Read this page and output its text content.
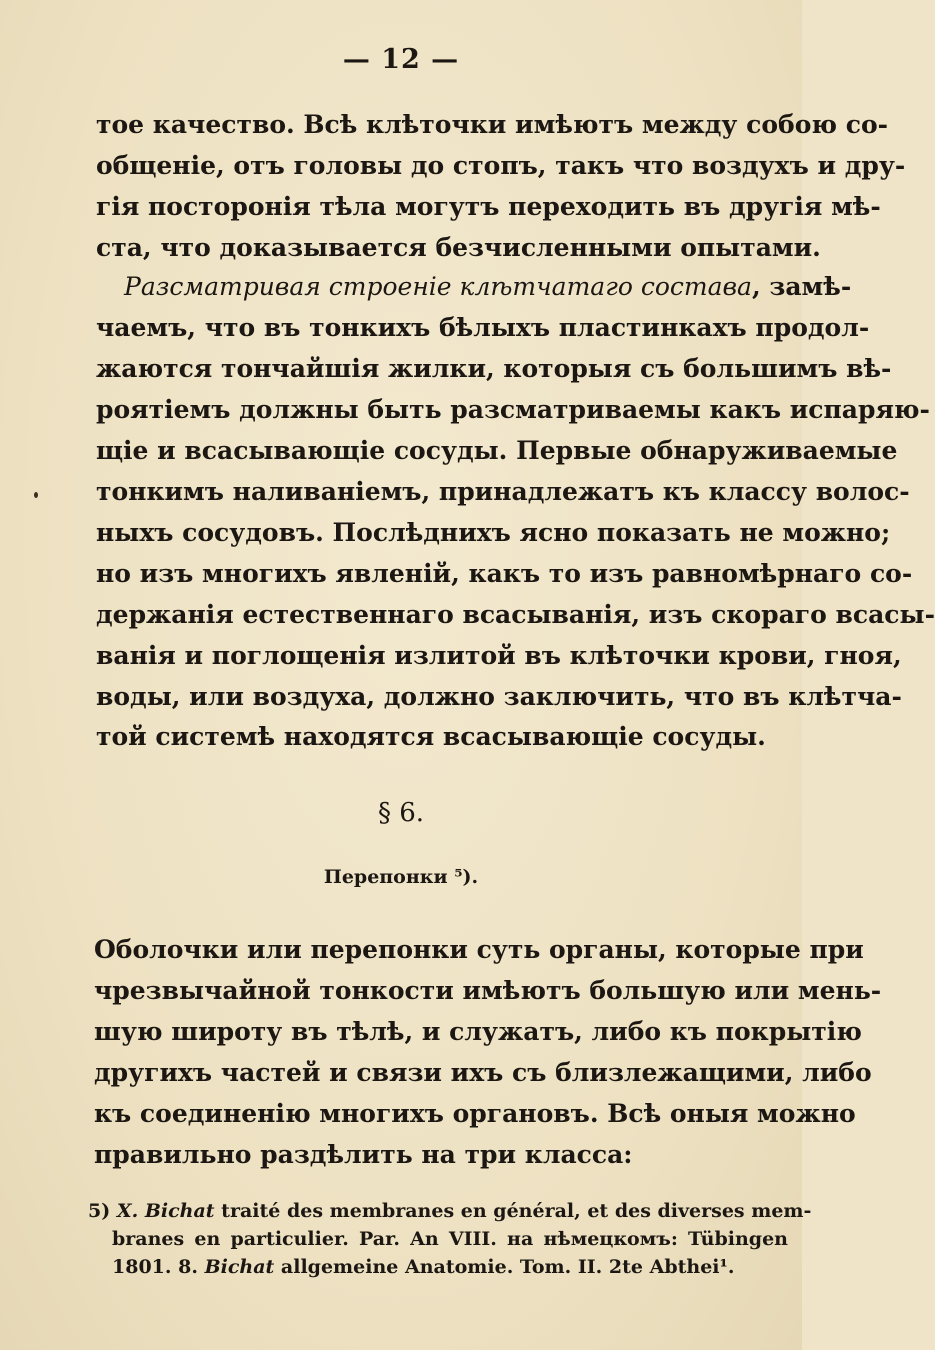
— 12 —
тое качество. Всѣ клѣточки имѣютъ между собою со-
общеніе, отъ головы до стопъ, такъ что воздухъ и дру-
гія посторонія тѣла могутъ переходить въ другія мѣ-
ста, что доказывается безчисленными опытами.
Разсматривая строеніе клѣтчатаго состава, замѣ-
чаемъ, что въ тонкихъ бѣлыхъ пластинкахъ продол-
жаются тончайшія жилки, которыя съ большимъ вѣ-
роятіемъ должны быть разсматриваемы какъ испаряю-
щіе и всасывающіе сосуды. Первые обнаруживаемые
тонкимъ наливаніемъ, принадлежатъ къ классу волос-
ныхъ сосудовъ. Послѣднихъ ясно показать не можно;
но изъ многихъ явленій, какъ то изъ равномѣрнаго со-
держанія естественнаго всасыванія, изъ скораго всасы-
ванія и поглощенія излитой въ клѣточки крови, гноя,
воды, или воздуха, должно заключить, что въ клѣтча-
той системѣ находятся всасывающіе сосуды.
§ 6.
Перепонки ⁵).
Оболочки или перепонки суть органы, которые при
чрезвычайной тонкости имѣютъ большую или мень-
шую широту въ тѣлѣ, и служатъ, либо къ покрытію
другихъ частей и связи ихъ съ близлежащими, либо
къ соединенію многихъ органовъ. Всѣ оныя можно
правильно раздѣлить на три класса:
5) X. Bichat traité des membranes en général, et des diverses mem-
branes en particulier. Par. An VIII. на нѣмецкомъ: Tübingen
1801. 8. Bichat allgemeine Anatomie. Tom. II. 2te Abthei¹.
